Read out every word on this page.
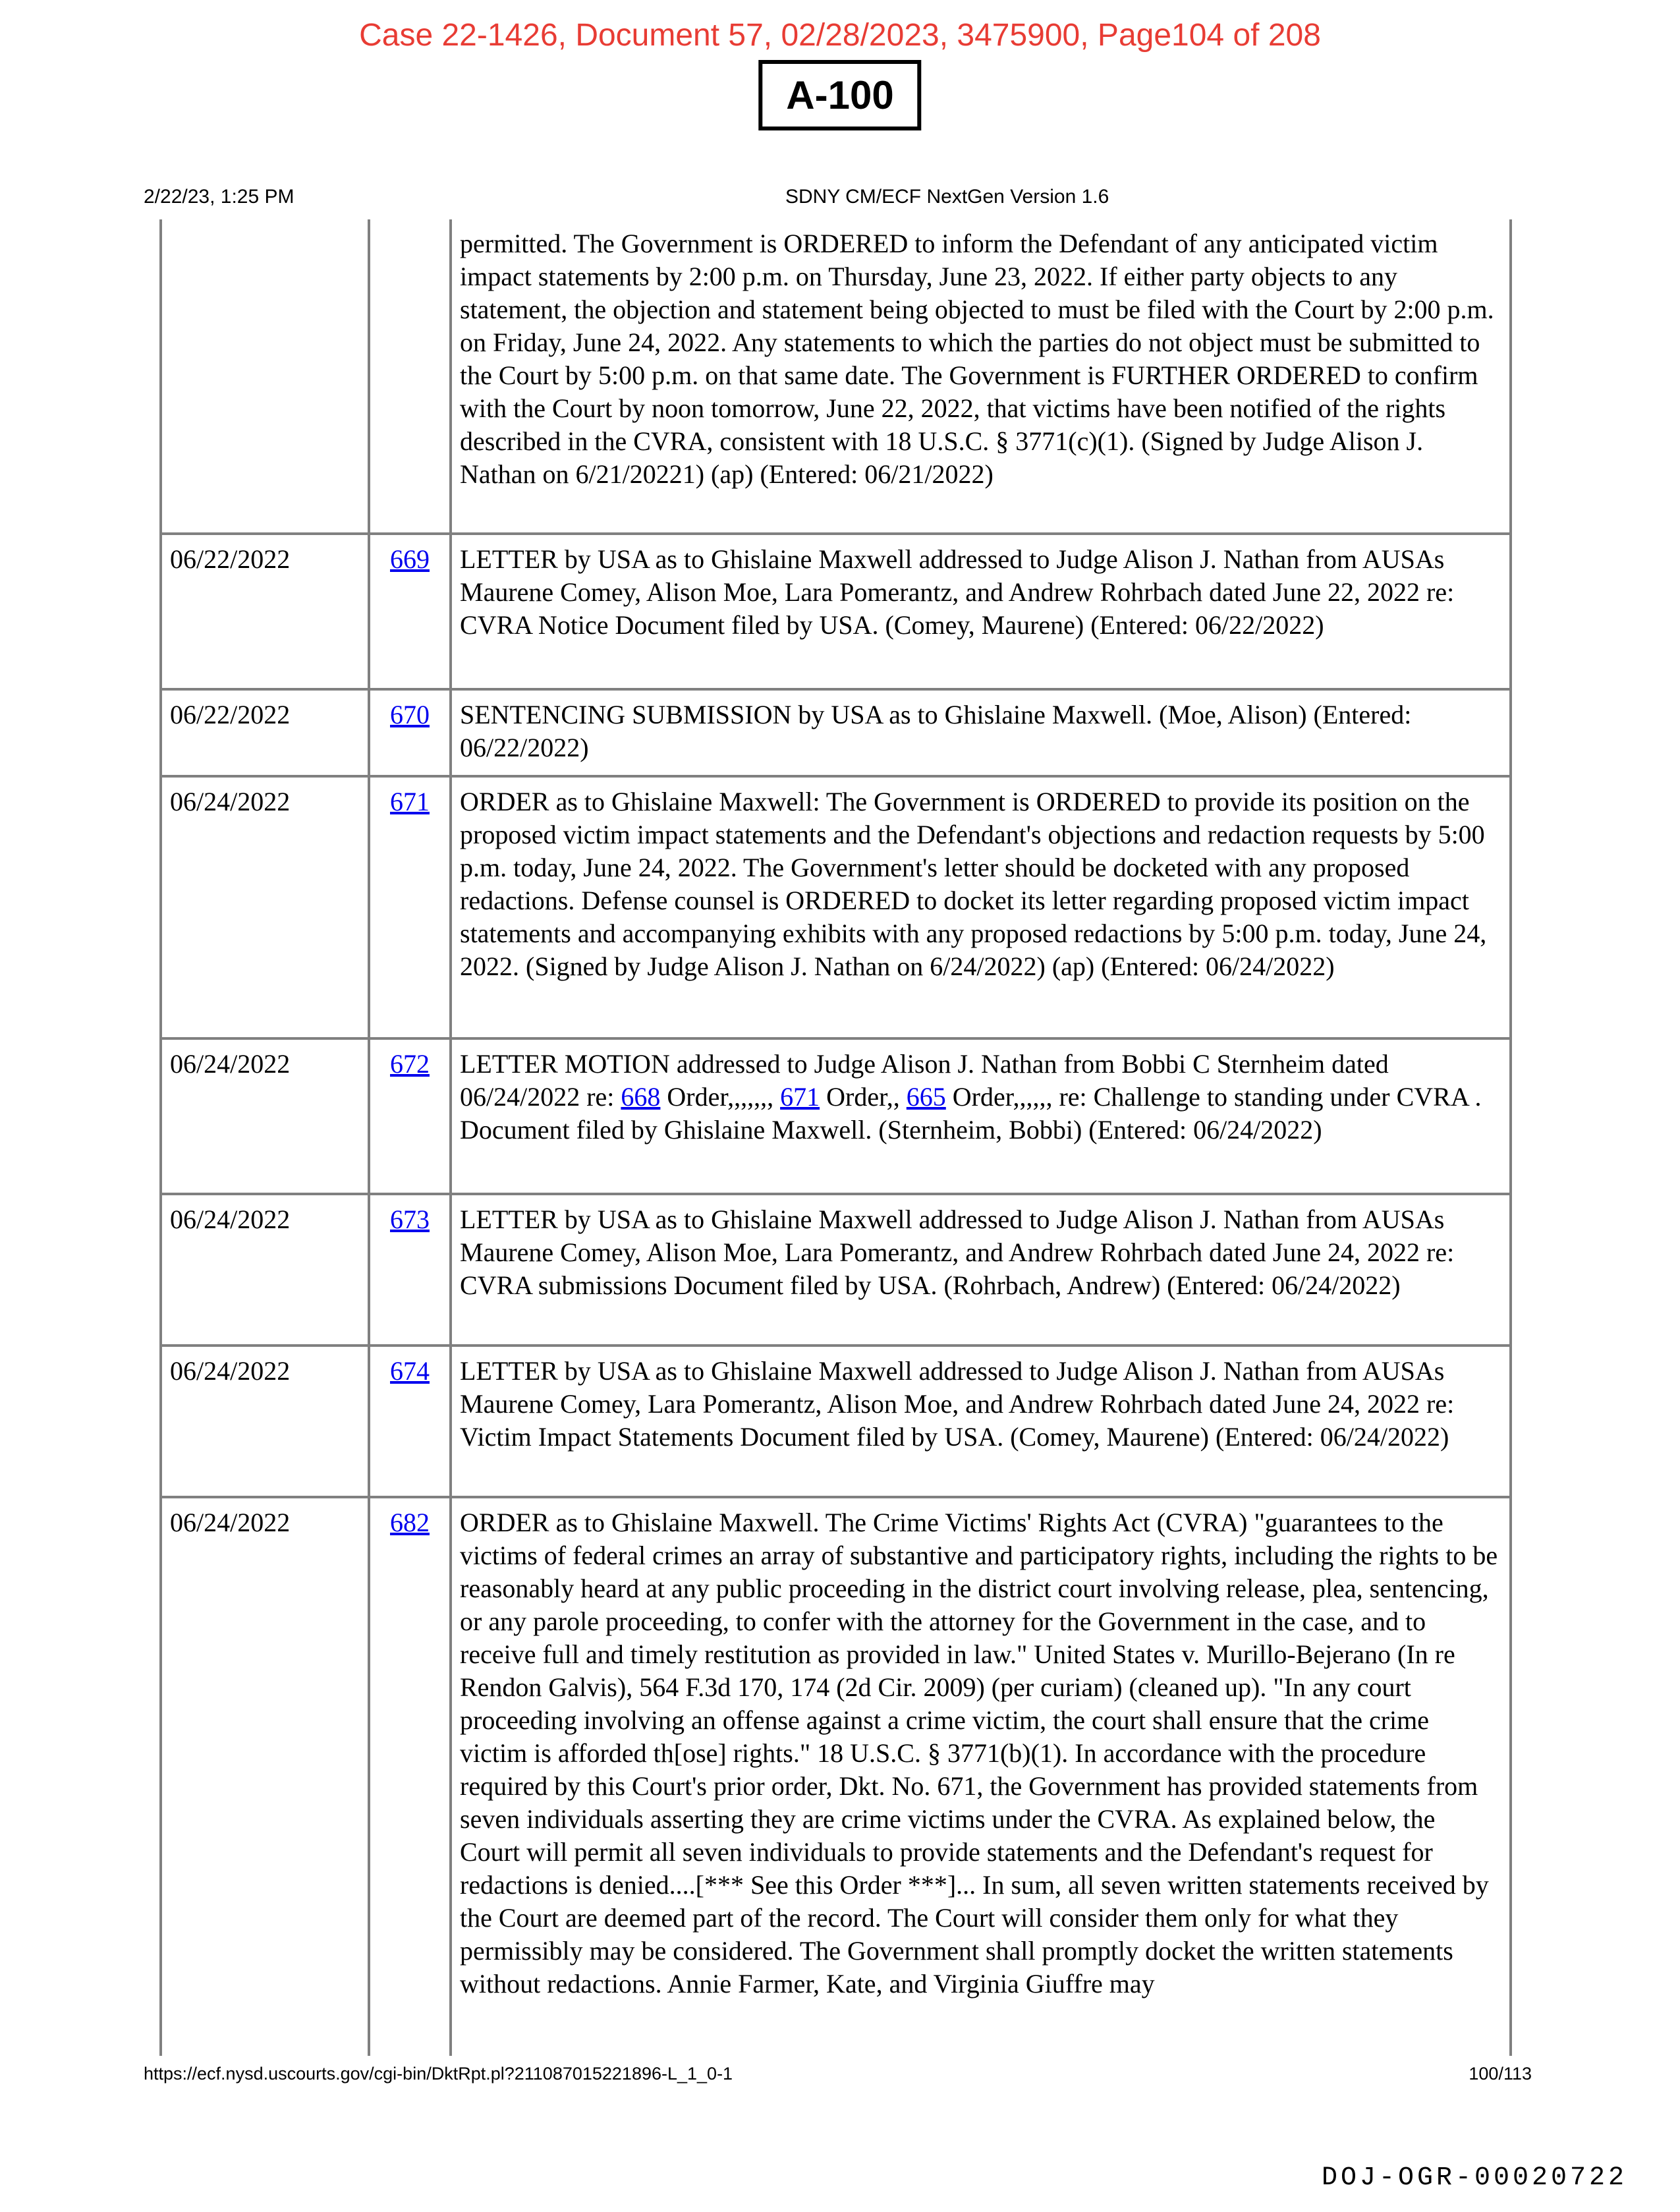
Case 22-1426, Document 57, 02/28/2023, 3475900, Page104 of 208
A-100
2/22/23, 1:25 PM	SDNY CM/ECF NextGen Version 1.6
		permitted. The Government is ORDERED to inform the Defendant of any anticipated victim impact statements by 2:00 p.m. on Thursday, June 23, 2022. If either party objects to any statement, the objection and statement being objected to must be filed with the Court by 2:00 p.m. on Friday, June 24, 2022. Any statements to which the parties do not object must be submitted to the Court by 5:00 p.m. on that same date. The Government is FURTHER ORDERED to confirm with the Court by noon tomorrow, June 22, 2022, that victims have been notified of the rights described in the CVRA, consistent with 18 U.S.C. § 3771(c)(1). (Signed by Judge Alison J. Nathan on 6/21/20221) (ap) (Entered: 06/21/2022)
06/22/2022	669	LETTER by USA as to Ghislaine Maxwell addressed to Judge Alison J. Nathan from AUSAs Maurene Comey, Alison Moe, Lara Pomerantz, and Andrew Rohrbach dated June 22, 2022 re: CVRA Notice Document filed by USA. (Comey, Maurene) (Entered: 06/22/2022)
06/22/2022	670	SENTENCING SUBMISSION by USA as to Ghislaine Maxwell. (Moe, Alison) (Entered: 06/22/2022)
06/24/2022	671	ORDER as to Ghislaine Maxwell: The Government is ORDERED to provide its position on the proposed victim impact statements and the Defendant's objections and redaction requests by 5:00 p.m. today, June 24, 2022. The Government's letter should be docketed with any proposed redactions. Defense counsel is ORDERED to docket its letter regarding proposed victim impact statements and accompanying exhibits with any proposed redactions by 5:00 p.m. today, June 24, 2022. (Signed by Judge Alison J. Nathan on 6/24/2022) (ap) (Entered: 06/24/2022)
06/24/2022	672	LETTER MOTION addressed to Judge Alison J. Nathan from Bobbi C Sternheim dated 06/24/2022 re: 668 Order,,,,,,, 671 Order,, 665 Order,,,,,, re: Challenge to standing under CVRA . Document filed by Ghislaine Maxwell. (Sternheim, Bobbi) (Entered: 06/24/2022)
06/24/2022	673	LETTER by USA as to Ghislaine Maxwell addressed to Judge Alison J. Nathan from AUSAs Maurene Comey, Alison Moe, Lara Pomerantz, and Andrew Rohrbach dated June 24, 2022 re: CVRA submissions Document filed by USA. (Rohrbach, Andrew) (Entered: 06/24/2022)
06/24/2022	674	LETTER by USA as to Ghislaine Maxwell addressed to Judge Alison J. Nathan from AUSAs Maurene Comey, Lara Pomerantz, Alison Moe, and Andrew Rohrbach dated June 24, 2022 re: Victim Impact Statements Document filed by USA. (Comey, Maurene) (Entered: 06/24/2022)
06/24/2022	682	ORDER as to Ghislaine Maxwell. The Crime Victims' Rights Act (CVRA) "guarantees to the victims of federal crimes an array of substantive and participatory rights, including the rights to be reasonably heard at any public proceeding in the district court involving release, plea, sentencing, or any parole proceeding, to confer with the attorney for the Government in the case, and to receive full and timely restitution as provided in law." United States v. Murillo-Bejerano (In re Rendon Galvis), 564 F.3d 170, 174 (2d Cir. 2009) (per curiam) (cleaned up). "In any court proceeding involving an offense against a crime victim, the court shall ensure that the crime victim is afforded th[ose] rights." 18 U.S.C. § 3771(b)(1). In accordance with the procedure required by this Court's prior order, Dkt. No. 671, the Government has provided statements from seven individuals asserting they are crime victims under the CVRA. As explained below, the Court will permit all seven individuals to provide statements and the Defendant's request for redactions is denied....[*** See this Order ***]... In sum, all seven written statements received by the Court are deemed part of the record. The Court will consider them only for what they permissibly may be considered. The Government shall promptly docket the written statements without redactions. Annie Farmer, Kate, and Virginia Giuffre may
https://ecf.nysd.uscourts.gov/cgi-bin/DktRpt.pl?211087015221896-L_1_0-1	100/113
DOJ-OGR-00020722
